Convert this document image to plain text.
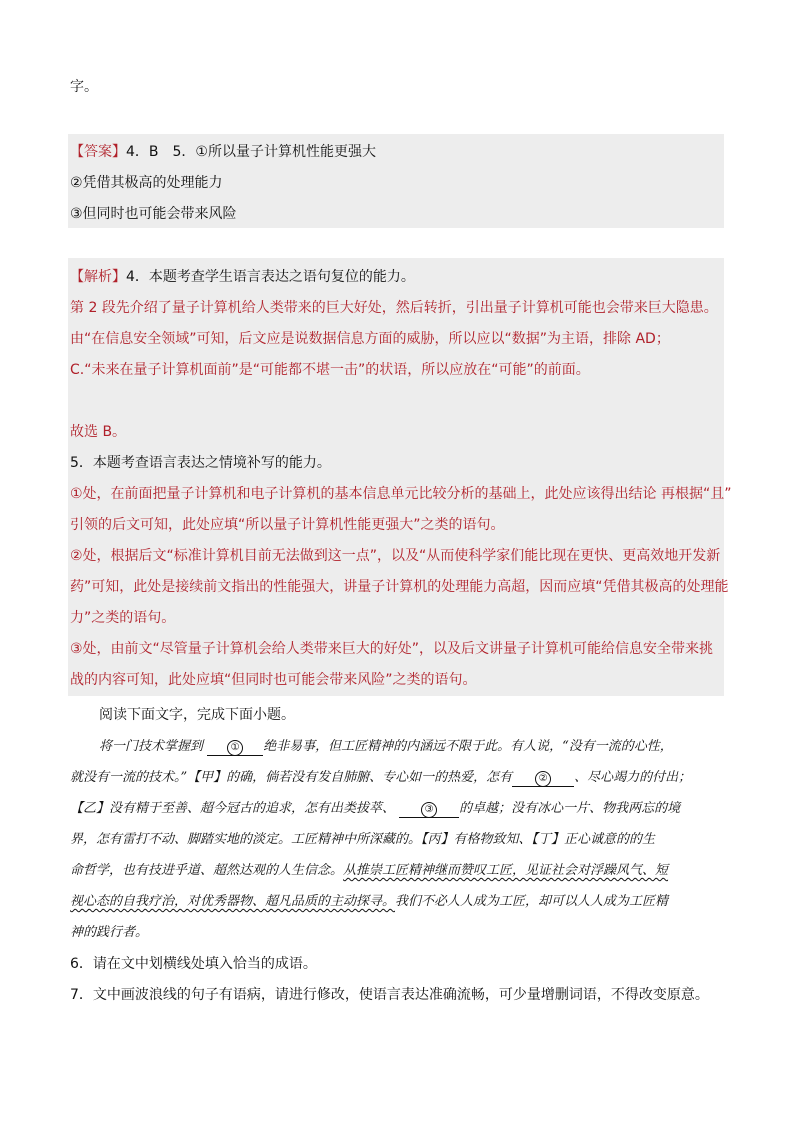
字。
【答案】4．B　5．①所以量子计算机性能更强大
②凭借其极高的处理能力
③但同时也可能会带来风险
【解析】4．本题考查学生语言表达之语句复位的能力。
第 2 段先介绍了量子计算机给人类带来的巨大好处，然后转折，引出量子计算机可能也会带来巨大隐患。
由“在信息安全领域”可知，后文应是说数据信息方面的威胁，所以应以“数据”为主语，排除 AD；
C.“未来在量子计算机面前”是“可能都不堪一击”的状语，所以应放在“可能”的前面。
故选 B。
5．本题考查语言表达之情境补写的能力。
①处，在前面把量子计算机和电子计算机的基本信息单元比较分析的基础上，此处应该得出结论 再根据“且”
引领的后文可知，此处应填“所以量子计算机性能更强大”之类的语句。
②处，根据后文“标准计算机目前无法做到这一点”，以及“从而使科学家们能比现在更快、更高效地开发新
药”可知，此处是接续前文指出的性能强大，讲量子计算机的处理能力高超，因而应填“凭借其极高的处理能
力”之类的语句。
③处，由前文“尽管量子计算机会给人类带来巨大的好处”，以及后文讲量子计算机可能给信息安全带来挑
战的内容可知，此处应填“但同时也可能会带来风险”之类的语句。
阅读下面文字，完成下面小题。
将一门技术掌握到	① 绝非易事，但工匠精神的内涵远不限于此。有人说，“没有一流的心性，
就没有一流的技术。”【甲】的确，倘若没有发自肺腑、专心如一的热爱，怎有	② 、尽心竭力的付出；
【乙】没有精于至善、超今冠古的追求，怎有出类拔萃、	③ 的卓越；没有冰心一片、物我两忘的境
界，怎有雷打不动、脚踏实地的淡定。工匠精神中所深藏的。【丙】有格物致知、【丁】正心诚意的的生
命哲学，也有技进乎道、超然达观的人生信念。从推崇工匠精神继而赞叹工匠，见证社会对浮躁风气、短
视心态的自我疗治，对优秀器物、超凡品质的主动探寻。我们不必人人成为工匠，却可以人人成为工匠精
神的践行者。
6．请在文中划横线处填入恰当的成语。
7．文中画波浪线的句子有语病，请进行修改，使语言表达准确流畅，可少量增删词语，不得改变原意。
